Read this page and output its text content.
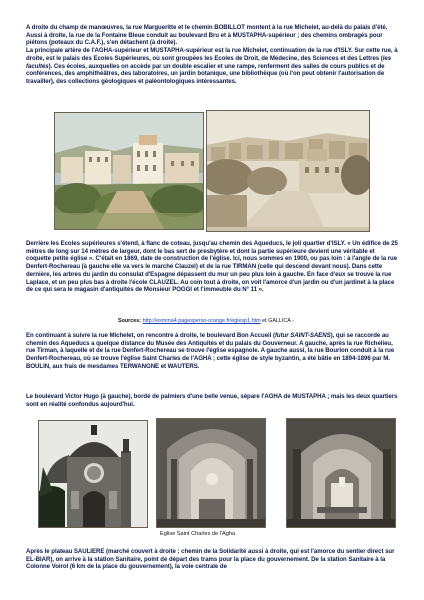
A droite du champ de manœuvres, la rue Margueritte et le chemin BOBILLOT montent à la rue Michelet, au-delà du palais d'été. Aussi à droite, la rue de la Fontaine Bleue conduit au boulevard Bru et à MUSTAPHA-supérieur ; des chemins ombragés pour piétons (poteaux du C.A.F.), s'en détachent (à droite).
La principale artère de l'AGHA-supérieur et MUSTAPHA-supérieur est la rue Michelet, continuation de la rue d'ISLY. Sur cette rue, à droite, est le palais des Ecoles Supérieures, où sont groupées les Ecoles de Droit, de Médecine, des Sciences et des Lettres (les facultés). Ces écoles, auxquelles on accède par un double escalier et une rampe, renferment des salles de cours publics et de conférences, des amphithéâtres, des laboratoires, un jardin botanique, une bibliothèque (où l'on peut obtenir l'autorisation de travailler), des collections géologiques et paléontologiques intéressantes.

Derrière les Ecoles supérieures s'étend, à flanc de coteau, jusqu'au chemin des Aqueducs, le joli quartier d'ISLY. « Un édifice de 25 mètres de long sur 14 mètres de largeur, dont le bas sert de presbytère et dont la partie supérieure devient une véritable et coquette petite église ». C'était en 1869, date de construction de l'église. Ici, nous sommes en 1900, ou pas loin : à l'angle de la rue Denfert-Rochereau (à gauche elle va vers le marché Clauzel) et de la rue TIRMAN (celle qui descend devant nous). Dans cette dernière, les arbres du jardin du consulat d'Espagne dépassent du mur un peu plus loin à gauche. En face d'eux se trouve la rue Laplace, et un peu plus bas à droite l'école CLAUZEL. Au coin tout à droite, on voit l'amorce d'un jardin ou d'un jardinet à la place de ce qui sera le magasin d'antiquités de Monsieur POGGI et l'immeuble du N° 11 ».

Sources: http://esmma4.pagesperso-orange.fr/eglesp1.htm et GALLICA -

En continuant à suivre la rue Michelet, on rencontre à droite, le boulevard Bon Accueil (futur SAINT-SAENS), qui se raccorde au chemin des Aqueducs a quelque distance du Musée des Antiquités et du palais du Gouverneur. A gauche, après la rue Richelieu, rue Tirman, à laquelle et de la rue Denfert-Rochereau se trouve l'église espagnole. A gauche aussi, la rue Bourlon conduit à la rue Denfert-Rochereau, où se trouve l'église Saint Charles de l'AGHA ; cette église de style byzantin, a été bâtie en 1894-1896 par M. BOULIN, aux frais de mesdames TERWANGNE et WAUTERS.

Le boulevard Victor Hugo (à gauche), bordé de palmiers d'une belle venue, sépare l'AGHA de MUSTAPHA ; mais les deux quartiers sont en réalité confondus aujourd'hui.

Eglise Saint Charles de l'Agha

Après le plateau SAULIERE (marché couvert à droite ; chemin de la Solidarité aussi à droite, qui est l'amorce du sentier direct sur EL-BIAR), on arrive à la station Sanitaire, point de départ des trams pour la place du gouvernement. De la station Sanitaire à la Colonne Voirol (6 km de la place du gouvernement), la voie centrale de
